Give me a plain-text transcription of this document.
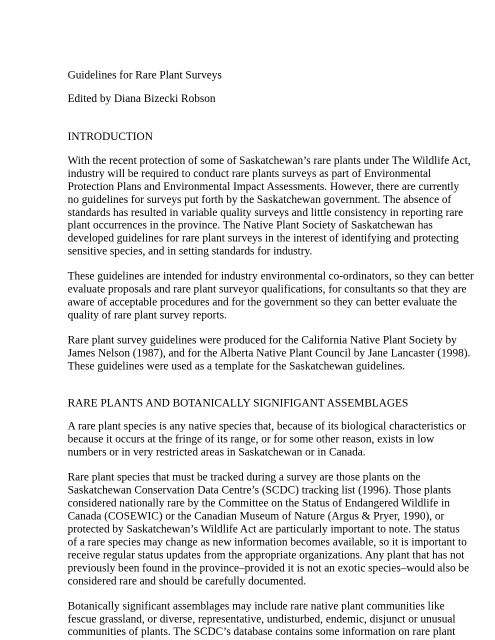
Guidelines for Rare Plant Surveys

Edited by Diana Bizecki Robson

INTRODUCTION

With the recent protection of some of Saskatchewan’s rare plants under The Wildlife Act,

industry will be required to conduct rare plants surveys as part of Environmental

Protection Plans and Environmental Impact Assessments. However, there are currently

no guidelines for surveys put forth by the Saskatchewan government. The absence of

standards has resulted in variable quality surveys and little consistency in reporting rare

plant occurrences in the province. The Native Plant Society of Saskatchewan has

developed guidelines for rare plant surveys in the interest of identifying and protecting

sensitive species, and in setting standards for industry.

These guidelines are intended for industry environmental co-ordinators, so they can better

evaluate proposals and rare plant surveyor qualifications, for consultants so that they are

aware of acceptable procedures and for the government so they can better evaluate the

quality of rare plant survey reports.

Rare plant survey guidelines were produced for the California Native Plant Society by

James Nelson (1987), and for the Alberta Native Plant Council by Jane Lancaster (1998).

These guidelines were used as a template for the Saskatchewan guidelines.

RARE PLANTS AND BOTANICALLY SIGNIFIGANT ASSEMBLAGES

A rare plant species is any native species that, because of its biological characteristics or

because it occurs at the fringe of its range, or for some other reason, exists in low

numbers or in very restricted areas in Saskatchewan or in Canada.

Rare plant species that must be tracked during a survey are those plants on the

Saskatchewan Conservation Data Centre’s (SCDC) tracking list (1996). Those plants

considered nationally rare by the Committee on the Status of Endangered Wildlife in

Canada (COSEWIC) or the Canadian Museum of Nature (Argus & Pryer, 1990), or

protected by Saskatchewan’s Wildlife Act are particularly important to note. The status

of a rare species may change as new information becomes available, so it is important to

receive regular status updates from the appropriate organizations. Any plant that has not

previously been found in the province–provided it is not an exotic species–would also be

considered rare and should be carefully documented.

Botanically significant assemblages may include rare native plant communities like

fescue grassland, or diverse, representative, undisturbed, endemic, disjunct or unusual

communities of plants. The SCDC’s database contains some information on rare plant
